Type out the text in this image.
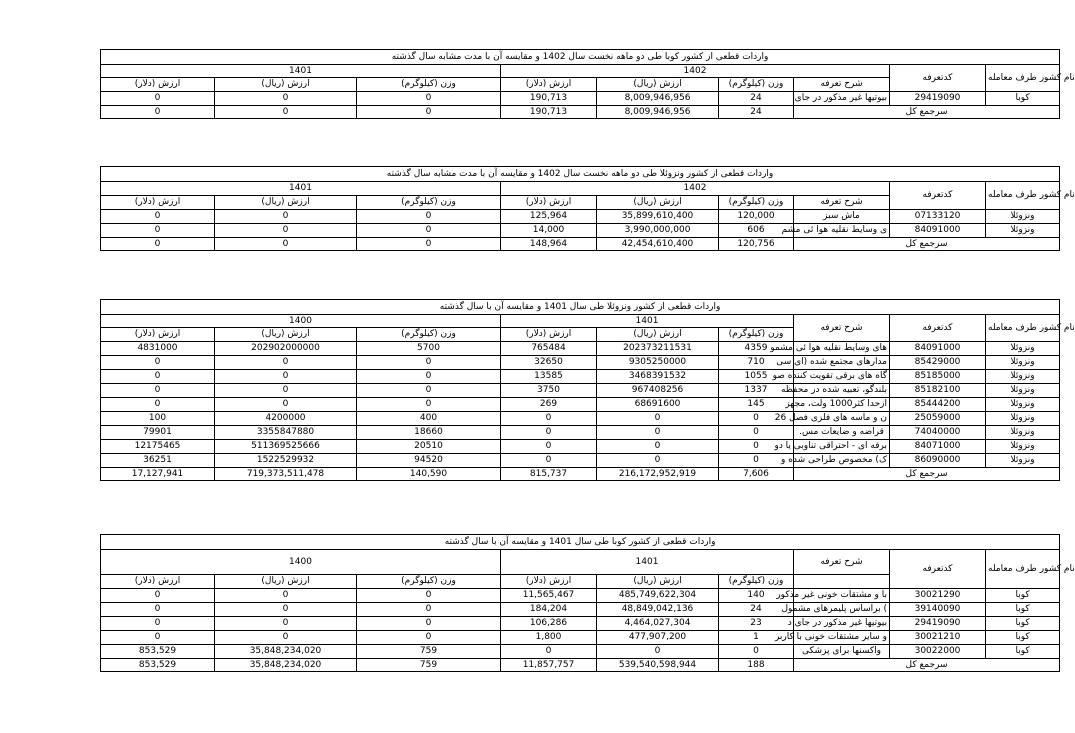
واردات قطعی از کشور کوبا طی دو ماهه نخست سال 1402 و مقایسه آن با مدت مشابه سال گذشته								
1401			1402				کدتعرفه	نام کشور طرف معامله
ارزش (دلار)	ارزش (ریال)	وزن (کیلوگرم)	ارزش (دلار)	ارزش (ریال)	وزن (کیلوگرم)	شرح تعرفه		
0	0	0	190,713	8,009,946,956	24	بیوتیها غیر مذکور در جای	29419090	کوبا
0	0	0	190,713	8,009,946,956	24	سرجمع کل		
واردات قطعی از کشور ونزوئلا طی دو ماهه نخست سال 1402 و مقایسه آن با مدت مشابه سال گذشته								
1401			1402				کدتعرفه	نام کشور طرف معامله
ارزش (دلار)	ارزش (ریال)	وزن (کیلوگرم)	ارزش (دلار)	ارزش (ریال)	وزن (کیلوگرم)	شرح تعرفه		
0	0	0	125,964	35,899,610,400	120,000	ماش سبز	07133120	ونزوئلا
0	0	0	14,000	3,990,000,000	606	ی وسایط نقلیه هوا ئی مشم	84091000	ونزوئلا
0	0	0	148,964	42,454,610,400	120,756	سرجمع کل		
واردات قطعی از کشور ونزوئلا طی سال 1401 و مقایسه آن با سال گذشته								
1400			1401			شرح تعرفه	کدتعرفه	نام کشور طرف معامله
ارزش (دلار)	ارزش (ریال)	وزن (کیلوگرم)	ارزش (دلار)	ارزش (ریال)	وزن (کیلوگرم)			
4831000	202902000000	5700	765484	202373211531	4359	های وسایط نقلیه هوا ئی مشمو	84091000	ونزوئلا
0	0	0	32650	9305250000	710	مدارهای مجتمع شده (ای سی	85429000	ونزوئلا
0	0	0	13585	3468391532	1055	گاه های برقی تقویت کننده صو	85185000	ونزوئلا
0	0	0	3750	967408256	1337	بلندگو، تعبیه شده در محفظه	85182100	ونزوئلا
0	0	0	269	68691600	145	ازحدا کثر1000 ولت، مجهز	85444200	ونزوئلا
100	4200000	400	0	0	0	ن و ماسه های فلزی فصل 26	25059000	ونزوئلا
79901	3355847880	18660	0	0	0	قراضه و ضایعات مس.	74040000	ونزوئلا
12175465	511369525666	20510	0	0	0	برقه ای - احتراقی تناوبی یا دو	84071000	ونزوئلا
36251	1522529932	94520	0	0	0	ک) مخصوص طراحی شده و	86090000	ونزوئلا
17,127,941	719,373,511,478	140,590	815,737	216,172,952,919	7,606	سرجمع کل		
واردات قطعی از کشور کوبا طی سال 1401 و مقایسه آن با سال گذشته								
1400			1401			شرح تعرفه	کدتعرفه	نام کشور طرف معامله
ارزش (دلار)	ارزش (ریال)	وزن (کیلوگرم)	ارزش (دلار)	ارزش (ریال)	وزن (کیلوگرم)			
0	0	0	11,565,467	485,749,622,304	140	با و مشتقات خونی غیر مذکور	30021290	کوبا
0	0	0	184,204	48,849,042,136	24	) براساس پلیمرهای مشمول	39140090	کوبا
0	0	0	106,286	4,464,027,304	23	بیوتیها غیر مذکور در جای د	29419090	کوبا
0	0	0	1,800	477,907,200	1	و سایر مشتقات خونی با کاربر	30021210	کوبا
853,529	35,848,234,020	759	0	0	0	واکسنها برای پزشکی	30022000	کوبا
853,529	35,848,234,020	759	11,857,757	539,540,598,944	188	سرجمع کل		
